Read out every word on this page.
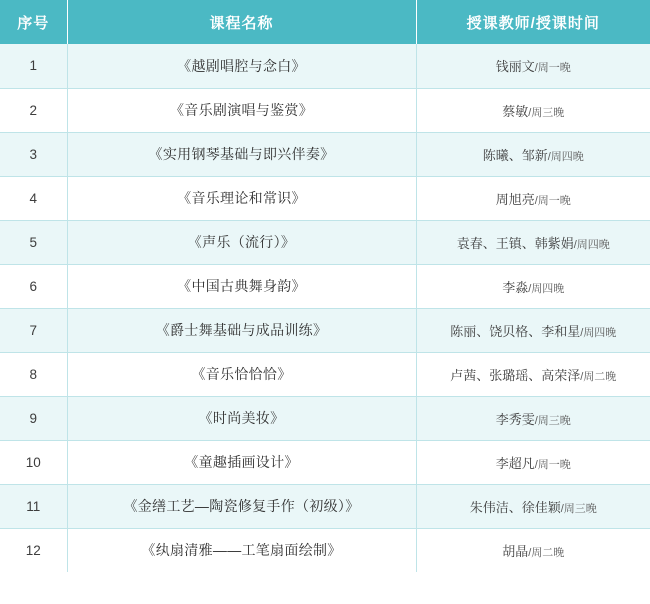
序号	课程名称	授课教师/授课时间
1	《越剧唱腔与念白》	钱丽文/周一晚
2	《音乐剧演唱与鉴赏》	蔡敏/周三晚
3	《实用钢琴基础与即兴伴奏》	陈曦、邹新/周四晚
4	《音乐理论和常识》	周旭亮/周一晚
5	《声乐（流行）》	袁春、王镇、韩紫娟/周四晚
6	《中国古典舞身韵》	李淼/周四晚
7	《爵士舞基础与成品训练》	陈丽、饶贝格、李和星/周四晚
8	《音乐恰恰恰》	卢茜、张璐瑶、高荣泽/周二晚
9	《时尚美妆》	李秀雯/周三晚
10	《童趣插画设计》	李超凡/周一晚
11	《金缮工艺—陶瓷修复手作（初级）》	朱伟洁、徐佳颖/周三晚
12	《纨扇清雅——工笔扇面绘制》	胡晶/周二晚
